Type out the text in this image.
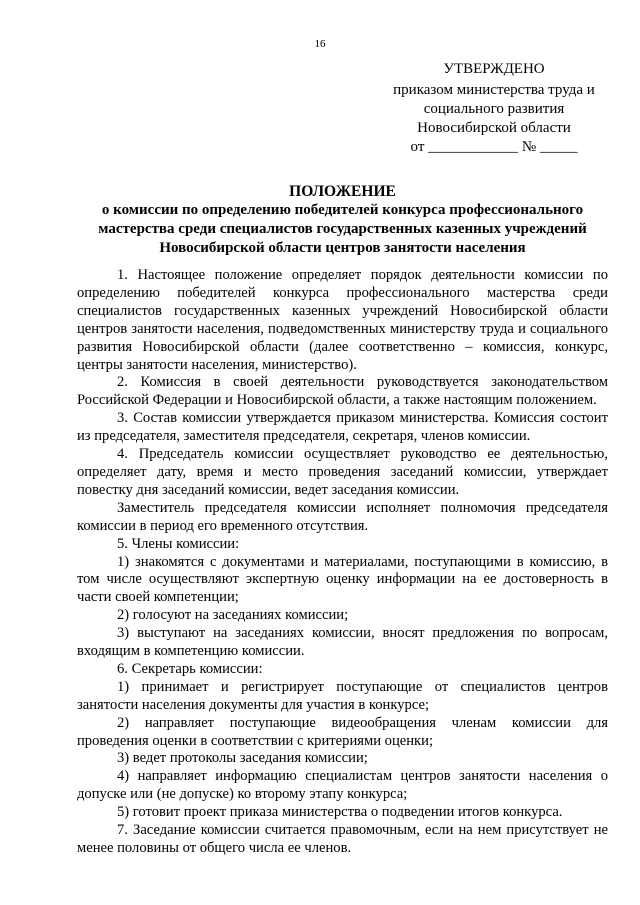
16
УТВЕРЖДЕНО
приказом министерства труда и
социального развития
Новосибирской области
от ____________ № _____
ПОЛОЖЕНИЕ
о комиссии по определению победителей конкурса профессионального мастерства среди специалистов государственных казенных учреждений Новосибирской области центров занятости населения

1. Настоящее положение определяет порядок деятельности комиссии по определению победителей конкурса профессионального мастерства среди специалистов государственных казенных учреждений Новосибирской области центров занятости населения, подведомственных министерству труда и социального развития Новосибирской области (далее соответственно – комиссия, конкурс, центры занятости населения, министерство).

2. Комиссия в своей деятельности руководствуется законодательством Российской Федерации и Новосибирской области, а также настоящим положением.

3. Состав комиссии утверждается приказом министерства. Комиссия состоит из председателя, заместителя председателя, секретаря, членов комиссии.

4. Председатель комиссии осуществляет руководство ее деятельностью, определяет дату, время и место проведения заседаний комиссии, утверждает повестку дня заседаний комиссии, ведет заседания комиссии.

Заместитель председателя комиссии исполняет полномочия председателя комиссии в период его временного отсутствия.

5. Члены комиссии:

1) знакомятся с документами и материалами, поступающими в комиссию, в том числе осуществляют экспертную оценку информации на ее достоверность в части своей компетенции;

2) голосуют на заседаниях комиссии;

3) выступают на заседаниях комиссии, вносят предложения по вопросам, входящим в компетенцию комиссии.

6. Секретарь комиссии:

1) принимает и регистрирует поступающие от специалистов центров занятости населения документы для участия в конкурсе;

2) направляет поступающие видеообращения членам комиссии для проведения оценки в соответствии с критериями оценки;

3) ведет протоколы заседания комиссии;

4) направляет информацию специалистам центров занятости населения о допуске или (не допуске) ко второму этапу конкурса;

5) готовит проект приказа министерства о подведении итогов конкурса.

7. Заседание комиссии считается правомочным, если на нем присутствует не менее половины от общего числа ее членов.
